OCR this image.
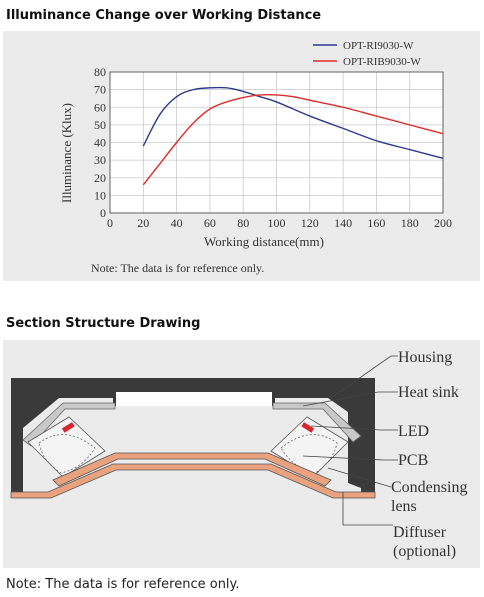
Illuminance Change over Working Distance
0 20 40 60 80 100 120 140 160 180 200
0
10
20
30
40
50
60
70
80
OPT-RI9030-W
OPT-RIB9030-W
Working distance(mm)
Illuminance (Klux)
Note: The data is for reference only.
Section Structure Drawing
Housing
Heat sink
LED
PCB
Condensing
lens
Diffuser
(optional)
Note: The data is for reference only.
